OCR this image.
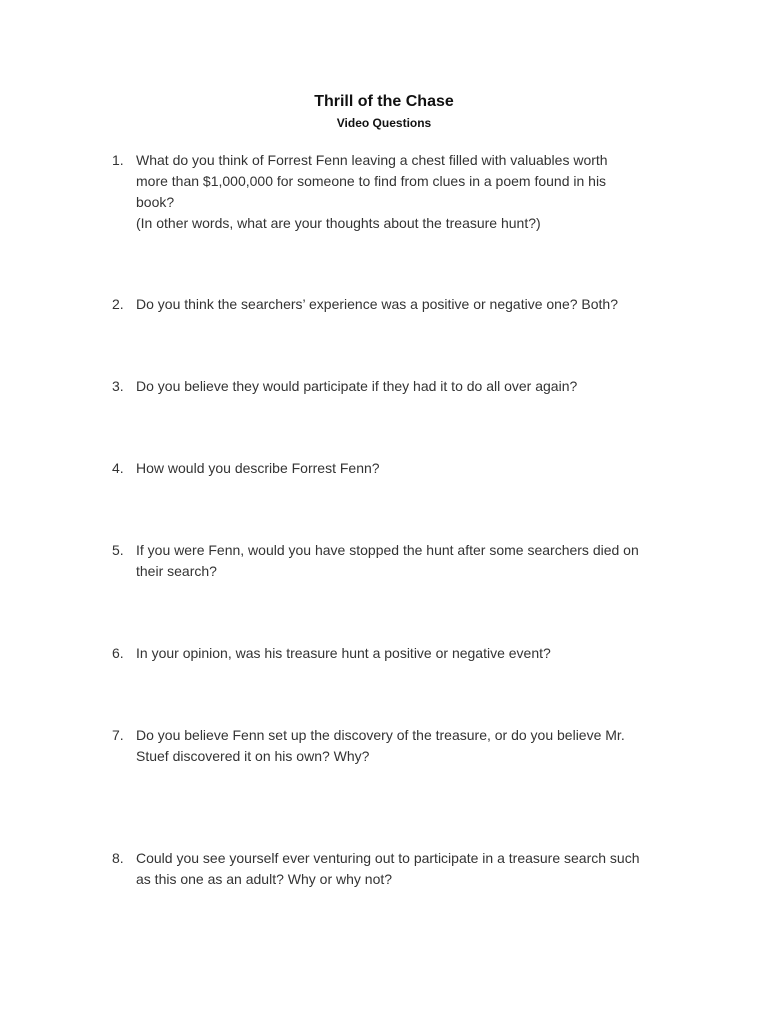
Thrill of the Chase
Video Questions
1. What do you think of Forrest Fenn leaving a chest filled with valuables worth
more than $1,000,000 for someone to find from clues in a poem found in his
book?
(In other words, what are your thoughts about the treasure hunt?)
2. Do you think the searchers’ experience was a positive or negative one? Both?
3. Do you believe they would participate if they had it to do all over again?
4. How would you describe Forrest Fenn?
5. If you were Fenn, would you have stopped the hunt after some searchers died on
their search?
6. In your opinion, was his treasure hunt a positive or negative event?
7. Do you believe Fenn set up the discovery of the treasure, or do you believe Mr.
Stuef discovered it on his own? Why?
8. Could you see yourself ever venturing out to participate in a treasure search such
as this one as an adult? Why or why not?
